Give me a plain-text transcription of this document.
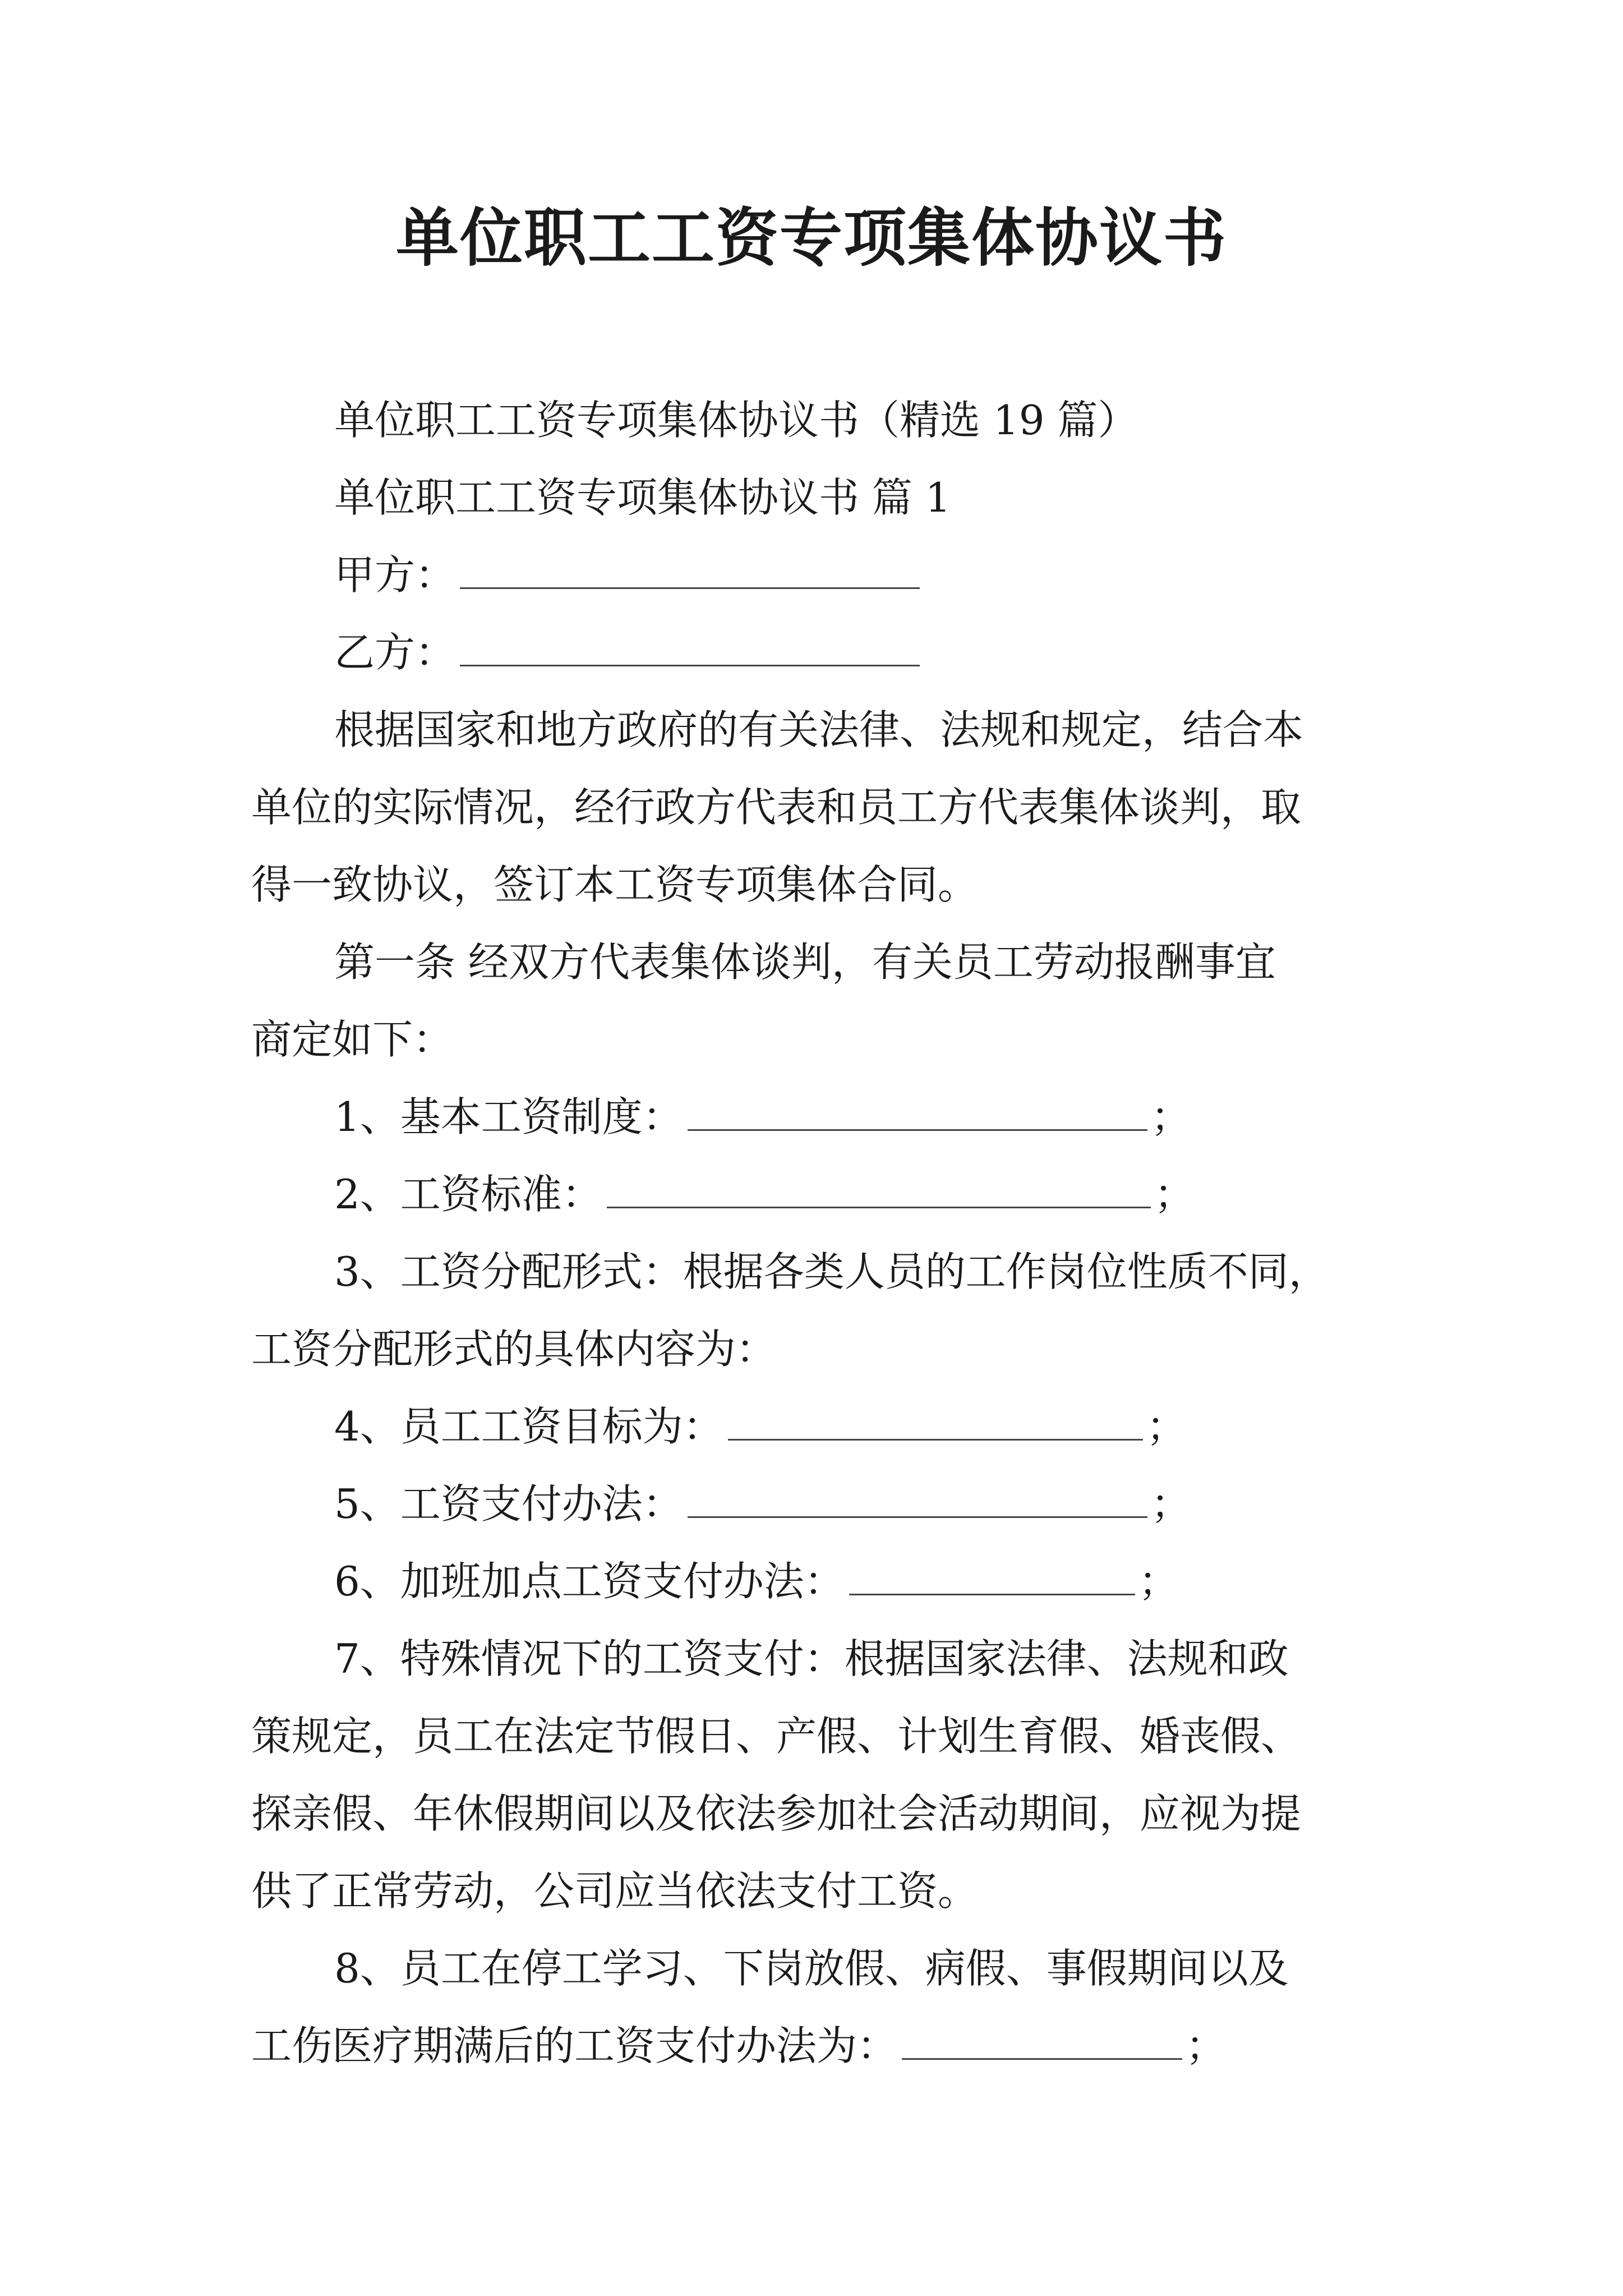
单位职工工资专项集体协议书
单位职工工资专项集体协议书（精选 19 篇）
单位职工工资专项集体协议书 篇 1
甲方：
乙方：
根据国家和地方政府的有关法律、法规和规定，结合本
单位的实际情况，经行政方代表和员工方代表集体谈判，取
得一致协议，签订本工资专项集体合同。
第一条 经双方代表集体谈判，有关员工劳动报酬事宜
商定如下：
1、基本工资制度：	；
2、工资标准：	；
3、工资分配形式：根据各类人员的工作岗位性质不同，
工资分配形式的具体内容为：
4、员工工资目标为：	；
5、工资支付办法：	；
6、加班加点工资支付办法：	；
7、特殊情况下的工资支付：根据国家法律、法规和政
策规定，员工在法定节假日、产假、计划生育假、婚丧假、
探亲假、年休假期间以及依法参加社会活动期间，应视为提
供了正常劳动，公司应当依法支付工资。
8、员工在停工学习、下岗放假、病假、事假期间以及
工伤医疗期满后的工资支付办法为：	；
